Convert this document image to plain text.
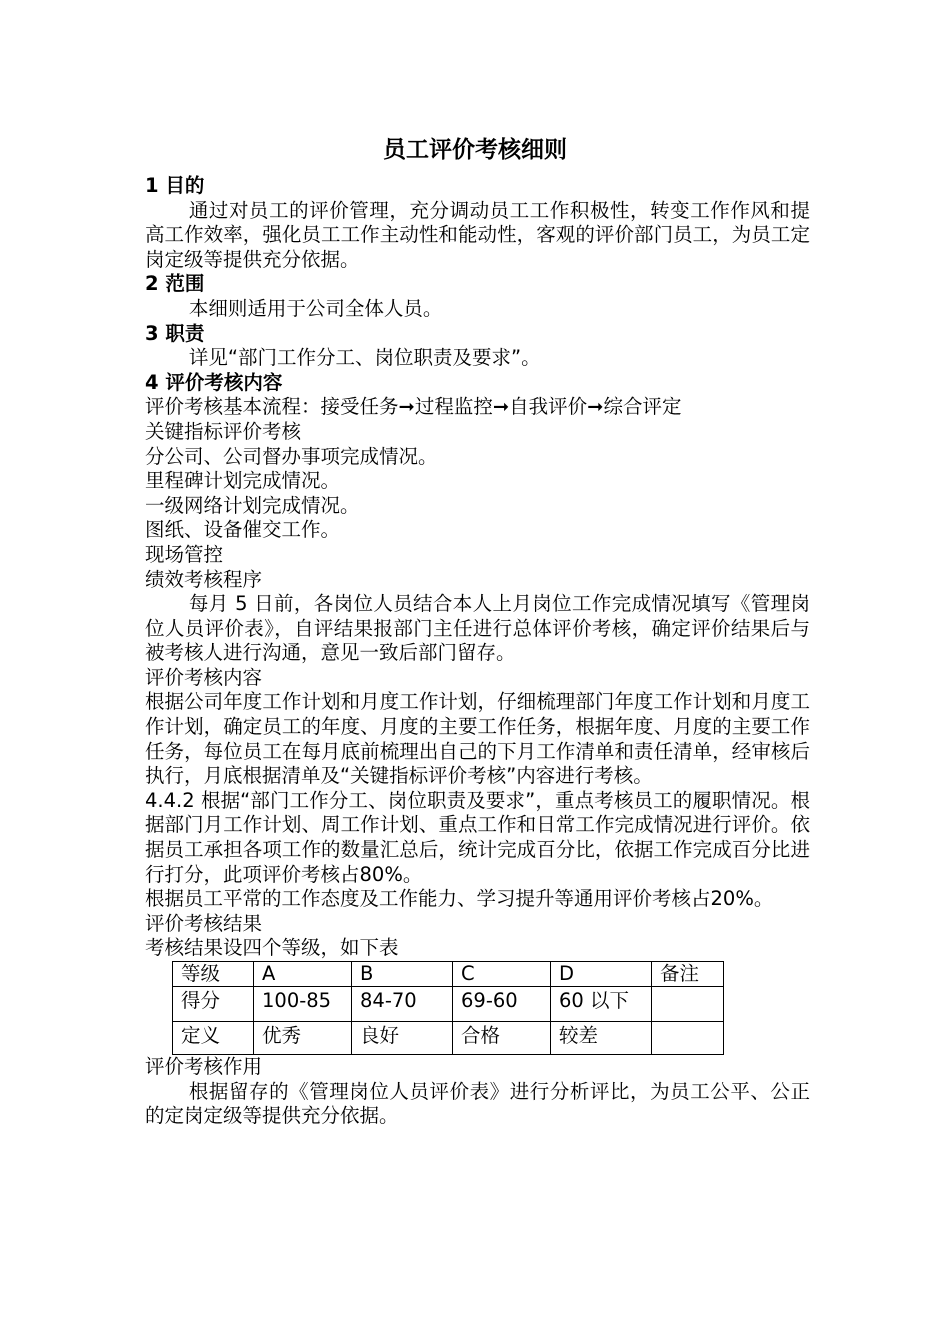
员工评价考核细则

1 目的

通过对员工的评价管理，充分调动员工工作积极性，转变工作作风和提高工作效率，强化员工工作主动性和能动性，客观的评价部门员工，为员工定岗定级等提供充分依据。

2 范围

本细则适用于公司全体人员。

3 职责

详见“部门工作分工、岗位职责及要求”。

4 评价考核内容

评价考核基本流程：接受任务➞过程监控➞自我评价➞综合评定

关键指标评价考核

分公司、公司督办事项完成情况。

里程碑计划完成情况。

一级网络计划完成情况。

图纸、设备催交工作。

现场管控

绩效考核程序

每月 5 日前，各岗位人员结合本人上月岗位工作完成情况填写《管理岗位人员评价表》，自评结果报部门主任进行总体评价考核，确定评价结果后与被考核人进行沟通，意见一致后部门留存。

评价考核内容

根据公司年度工作计划和月度工作计划，仔细梳理部门年度工作计划和月度工作计划，确定员工的年度、月度的主要工作任务，根据年度、月度的主要工作任务，每位员工在每月底前梳理出自己的下月工作清单和责任清单，经审核后执行，月底根据清单及“关键指标评价考核”内容进行考核。

4.4.2 根据“部门工作分工、岗位职责及要求”，重点考核员工的履职情况。根据部门月工作计划、周工作计划、重点工作和日常工作完成情况进行评价。依据员工承担各项工作的数量汇总后，统计完成百分比，依据工作完成百分比进行打分，此项评价考核占80%。

根据员工平常的工作态度及工作能力、学习提升等通用评价考核占20%。

评价考核结果

考核结果设四个等级，如下表

等级	A	B	C	D	备注
得分	100-85	84-70	69-60	60 以下	
定义	优秀	良好	合格	较差	

评价考核作用

根据留存的《管理岗位人员评价表》进行分析评比，为员工公平、公正的定岗定级等提供充分依据。
